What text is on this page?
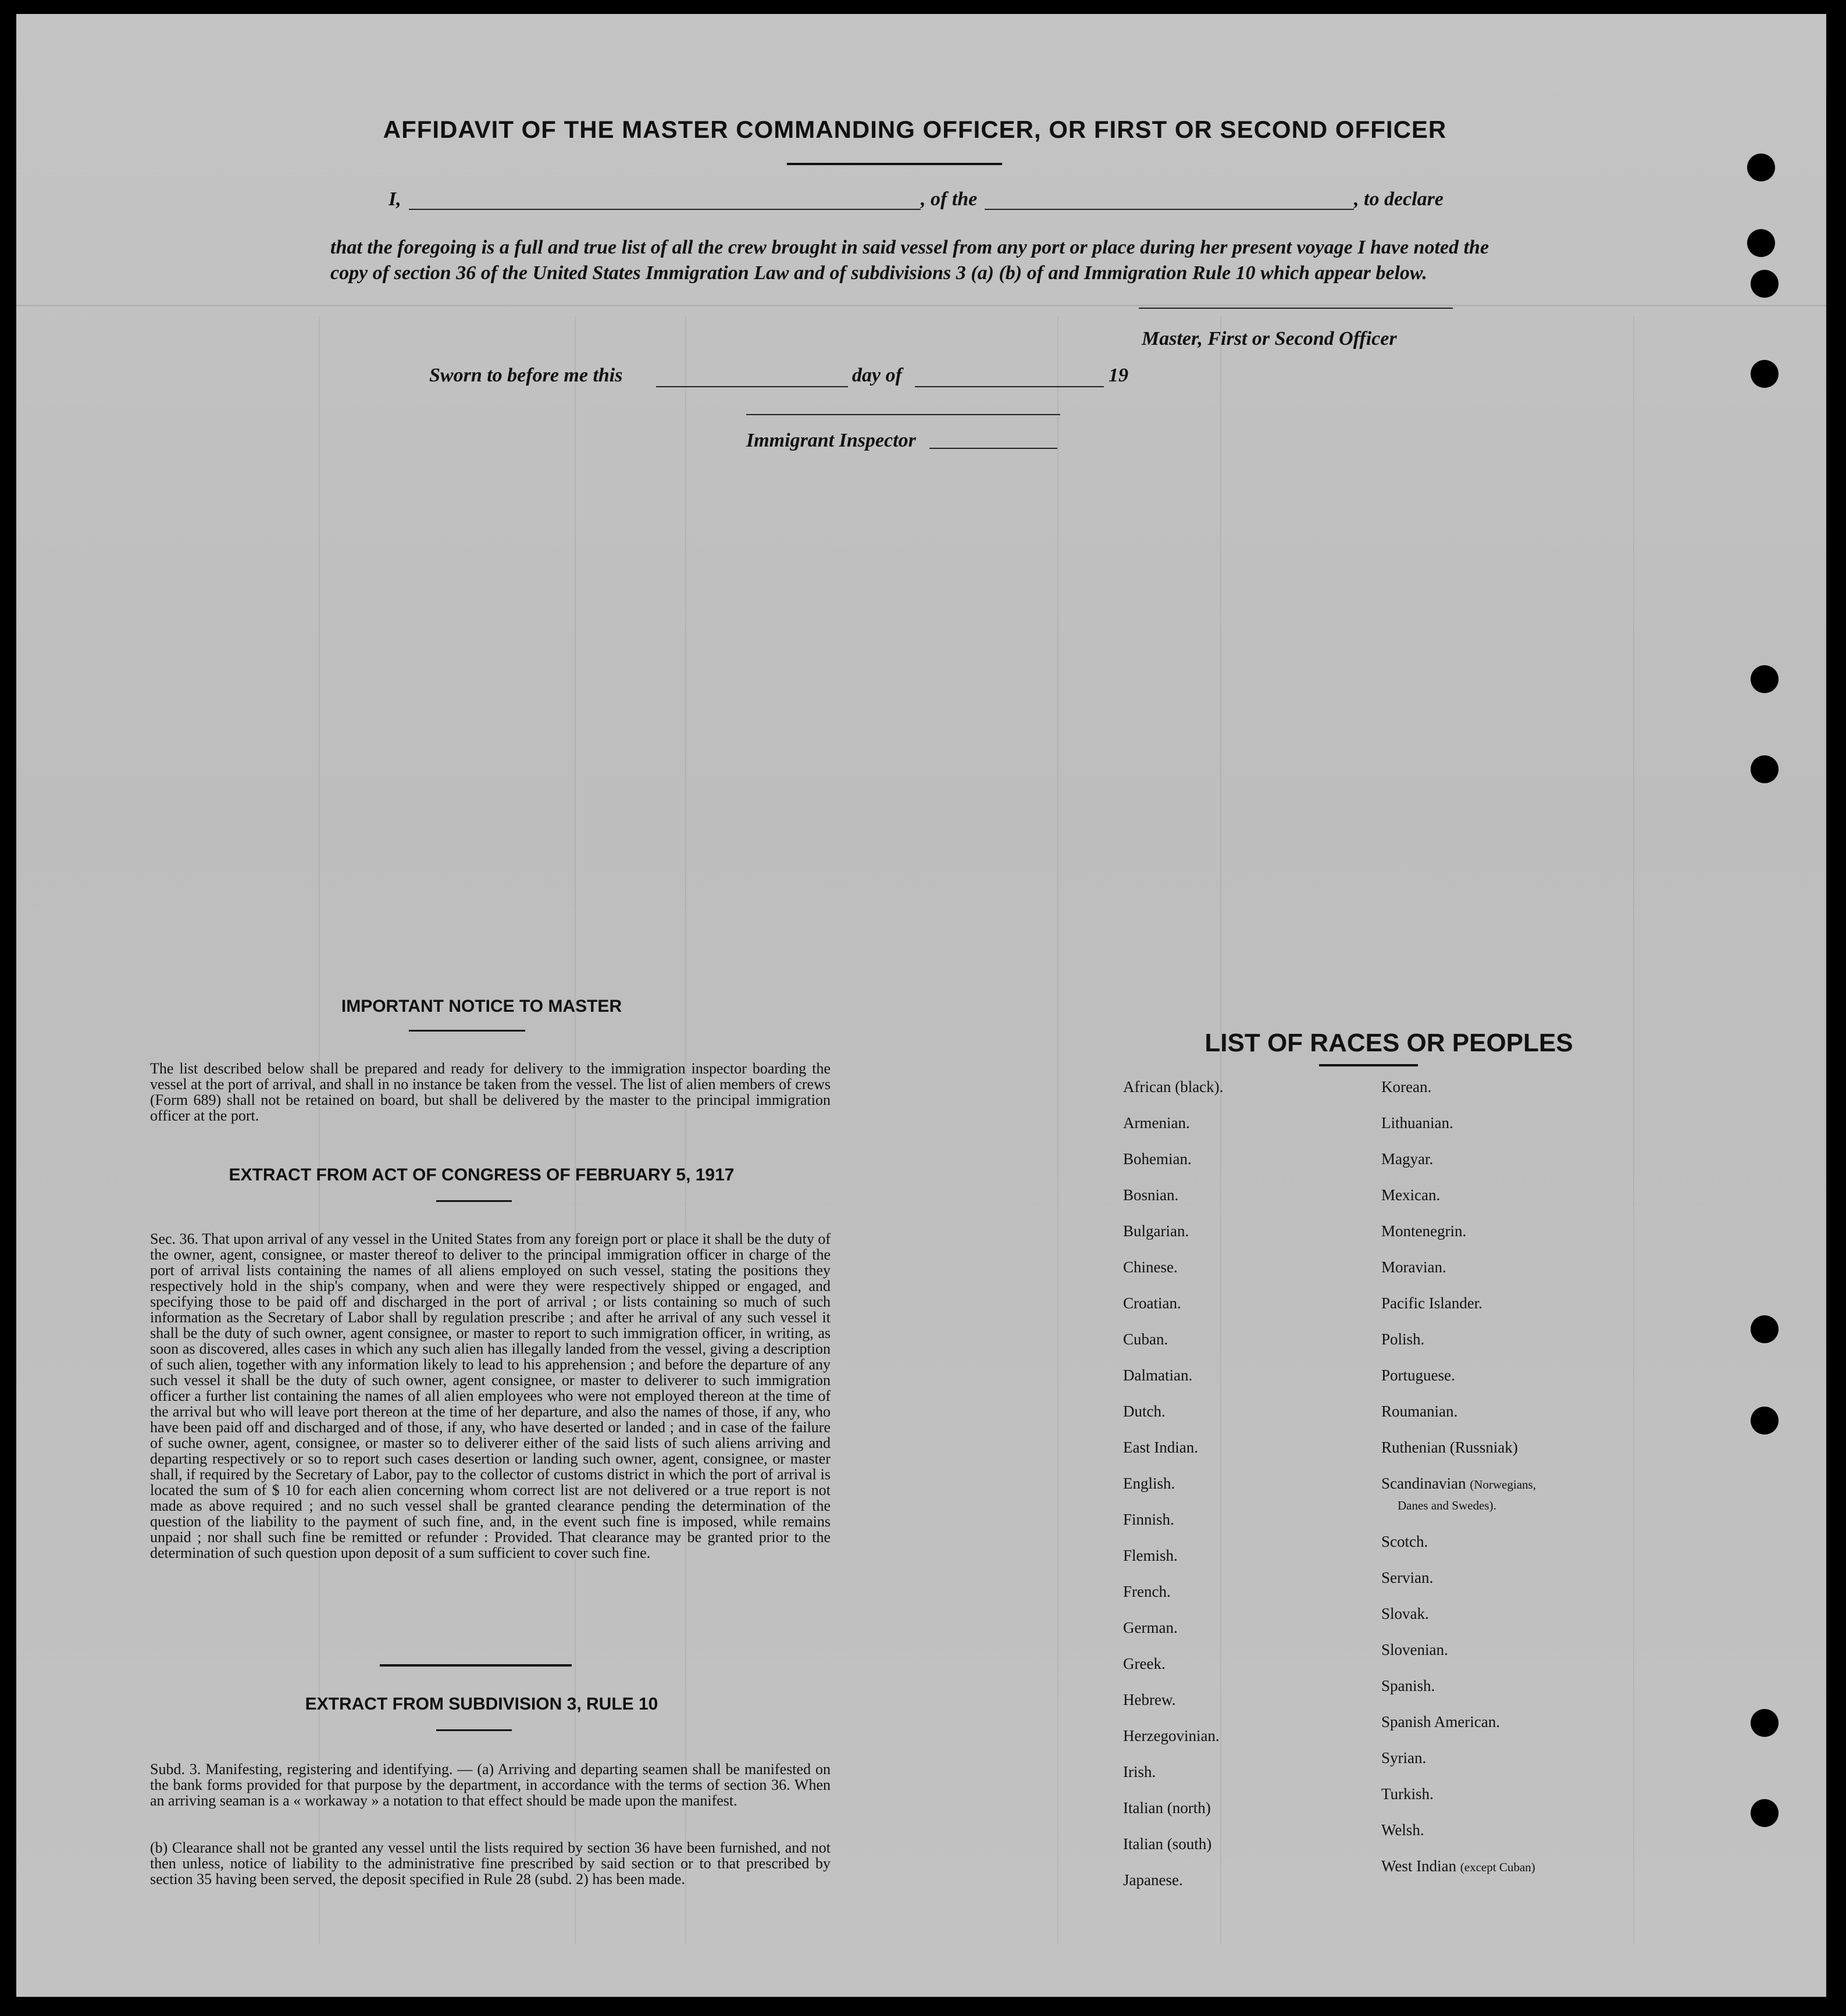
AFFIDAVIT OF THE MASTER COMMANDING OFFICER, OR FIRST OR SECOND OFFICER
I,	, of the	, to declare
that the foregoing is a full and true list of all the crew brought in said vessel from any port or place during her present voyage I have noted the copy of section 36 of the United States Immigration Law and of subdivisions 3 (a) (b) of and Immigration Rule 10 which appear below.
Master, First or Second Officer
Sworn to before me this	day of	19
Immigrant Inspector
IMPORTANT NOTICE TO MASTER
The list described below shall be prepared and ready for delivery to the immigration inspector boarding the vessel at the port of arrival, and shall in no instance be taken from the vessel. The list of alien members of crews (Form 689) shall not be retained on board, but shall be delivered by the master to the principal immigration officer at the port.
EXTRACT FROM ACT OF CONGRESS OF FEBRUARY 5, 1917
Sec. 36. That upon arrival of any vessel in the United States from any foreign port or place it shall be the duty of the owner, agent, consignee, or master thereof to deliver to the principal immigration officer in charge of the port of arrival lists containing the names of all aliens employed on such vessel, stating the positions they respectively hold in the ship's company, when and were they were respectively shipped or engaged, and specifying those to be paid off and discharged in the port of arrival ; or lists containing so much of such information as the Secretary of Labor shall by regulation prescribe ; and after he arrival of any such vessel it shall be the duty of such owner, agent consignee, or master to report to such immigration officer, in writing, as soon as discovered, alles cases in which any such alien has illegally landed from the vessel, giving a description of such alien, together with any information likely to lead to his apprehension ; and before the departure of any such vessel it shall be the duty of such owner, agent consignee, or master to deliverer to such immigration officer a further list containing the names of all alien employees who were not employed thereon at the time of the arrival but who will leave port thereon at the time of her departure, and also the names of those, if any, who have been paid off and discharged and of those, if any, who have deserted or landed ; and in case of the failure of suche owner, agent, consignee, or master so to deliverer either of the said lists of such aliens arriving and departing respectively or so to report such cases desertion or landing such owner, agent, consignee, or master shall, if required by the Secretary of Labor, pay to the collector of customs district in which the port of arrival is located the sum of $ 10 for each alien concerning whom correct list are not delivered or a true report is not made as above required ; and no such vessel shall be granted clearance pending the determination of the question of the liability to the payment of such fine, and, in the event such fine is imposed, while remains unpaid ; nor shall such fine be remitted or refunder : Provided. That clearance may be granted prior to the determination of such question upon deposit of a sum sufficient to cover such fine.
EXTRACT FROM SUBDIVISION 3, RULE 10
Subd. 3. Manifesting, registering and identifying. — (a) Arriving and departing seamen shall be manifested on the bank forms provided for that purpose by the department, in accordance with the terms of section 36. When an arriving seaman is a « workaway » a notation to that effect should be made upon the manifest.
(b) Clearance shall not be granted any vessel until the lists required by section 36 have been furnished, and not then unless, notice of liability to the administrative fine prescribed by said section or to that prescribed by section 35 having been served, the deposit specified in Rule 28 (subd. 2) has been made.
LIST OF RACES OR PEOPLES
African (black).
Armenian.
Bohemian.
Bosnian.
Bulgarian.
Chinese.
Croatian.
Cuban.
Dalmatian.
Dutch.
East Indian.
English.
Finnish.
Flemish.
French.
German.
Greek.
Hebrew.
Herzegovinian.
Irish.
Italian (north)
Italian (south)
Japanese.
Korean.
Lithuanian.
Magyar.
Mexican.
Montenegrin.
Moravian.
Pacific Islander.
Polish.
Portuguese.
Roumanian.
Ruthenian (Russniak)
Scandinavian (Norwegians,
Danes and Swedes).
Scotch.
Servian.
Slovak.
Slovenian.
Spanish.
Spanish American.
Syrian.
Turkish.
Welsh.
West Indian (except Cuban)
